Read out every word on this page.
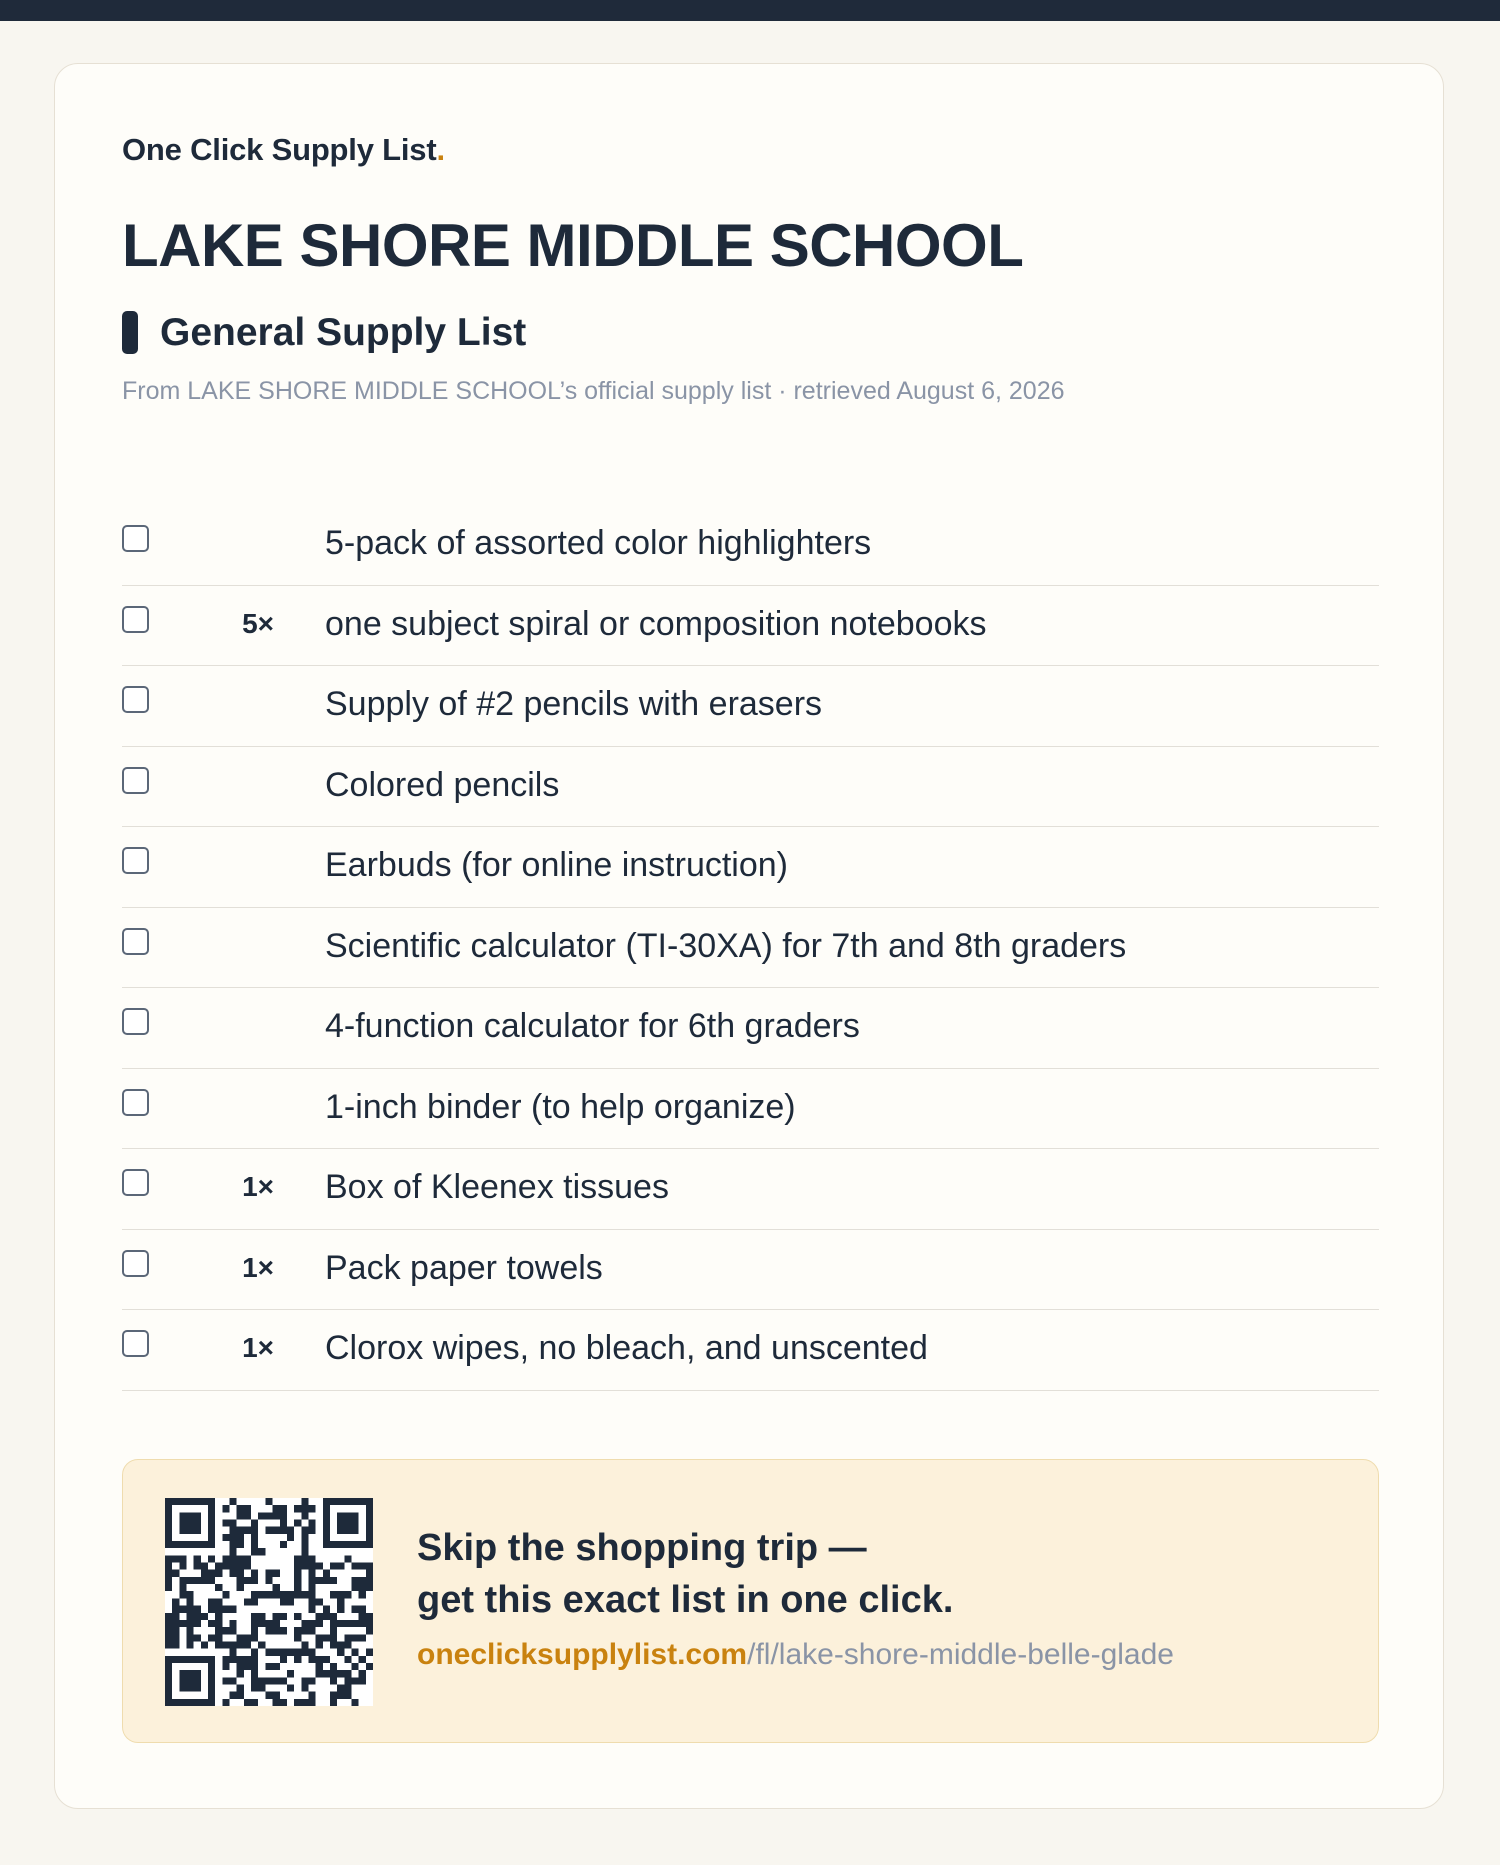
One Click Supply List.
LAKE SHORE MIDDLE SCHOOL
General Supply List
From LAKE SHORE MIDDLE SCHOOL’s official supply list · retrieved August 6, 2026
5-pack of assorted color highlighters
5× one subject spiral or composition notebooks
Supply of #2 pencils with erasers
Colored pencils
Earbuds (for online instruction)
Scientific calculator (TI-30XA) for 7th and 8th graders
4-function calculator for 6th graders
1-inch binder (to help organize)
1× Box of Kleenex tissues
1× Pack paper towels
1× Clorox wipes, no bleach, and unscented
Skip the shopping trip —
get this exact list in one click.
oneclicksupplylist.com/fl/lake-shore-middle-belle-glade
